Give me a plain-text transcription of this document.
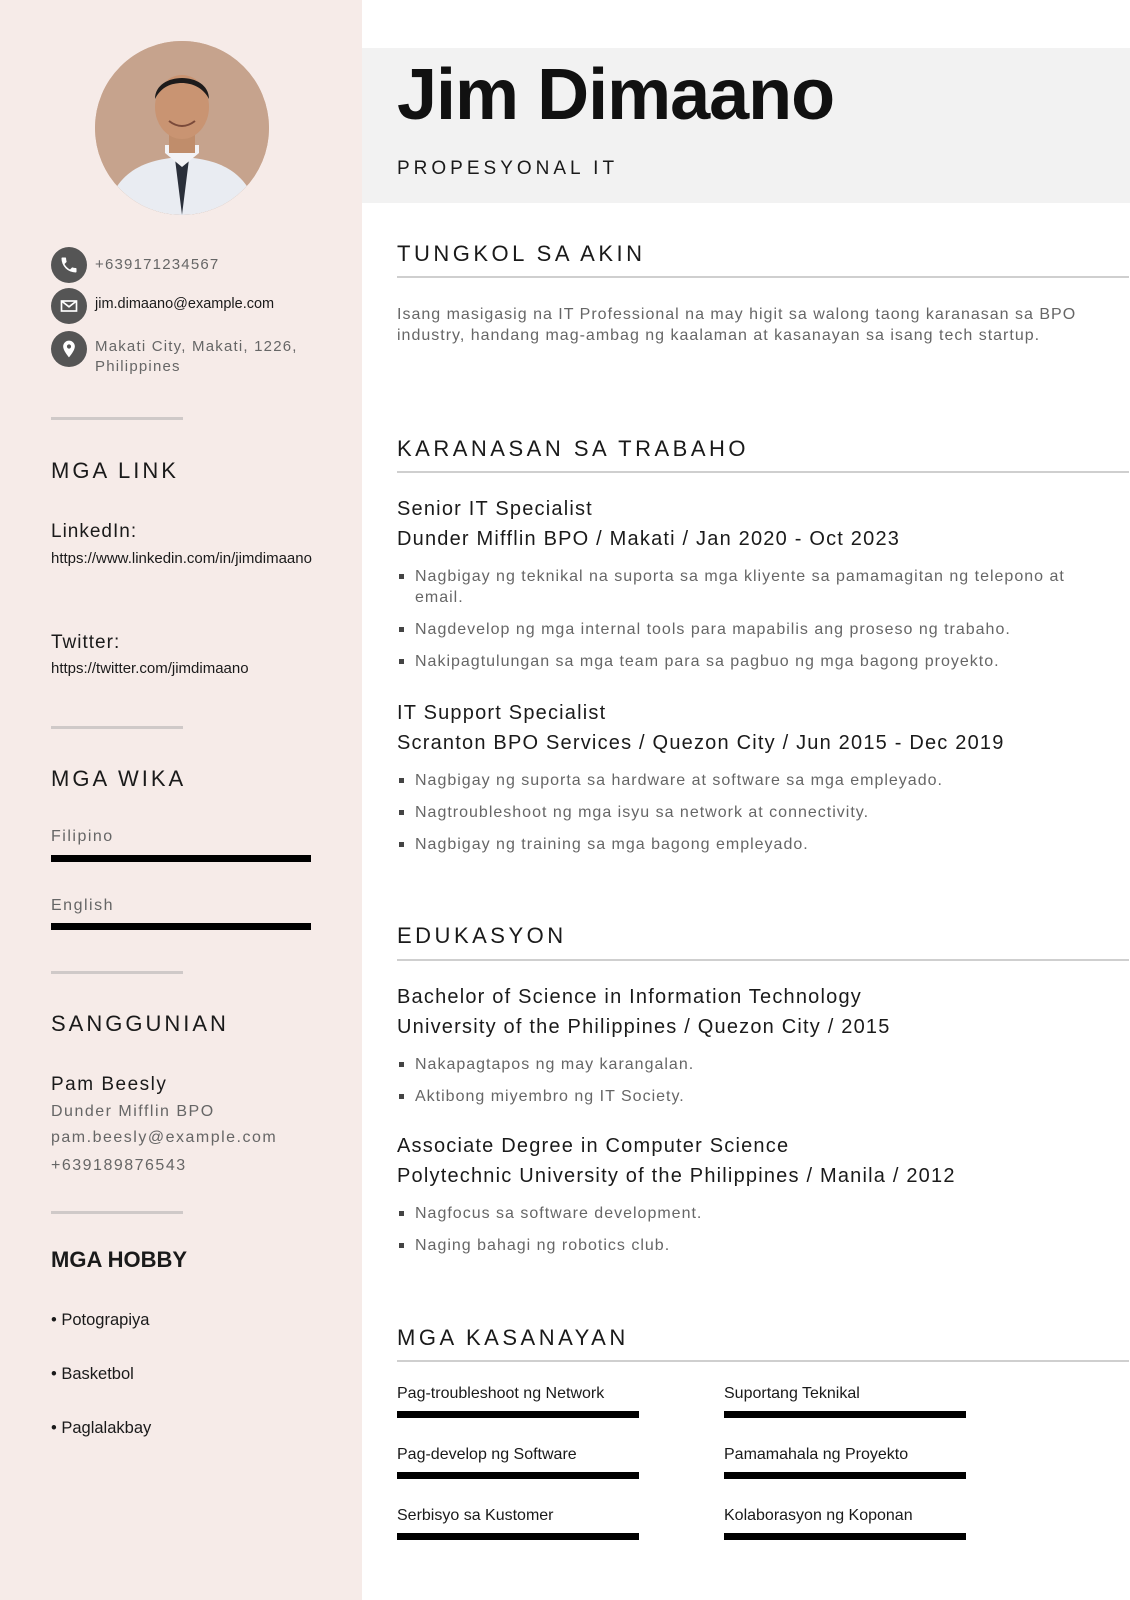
+639171234567
jim.dimaano@example.com
Makati City, Makati, 1226, Philippines
MGA LINK
LinkedIn:
https://www.linkedin.com/in/jimdimaano
Twitter:
https://twitter.com/jimdimaano
MGA WIKA
Filipino
English
SANGGUNIAN
Pam Beesly
Dunder Mifflin BPO
pam.beesly@example.com
+639189876543
MGA HOBBY
• Potograpiya
• Basketbol
• Paglalakbay
Jim Dimaano
PROPESYONAL IT
TUNGKOL SA AKIN
Isang masigasig na IT Professional na may higit sa walong taong karanasan sa BPO industry, handang mag-ambag ng kaalaman at kasanayan sa isang tech startup.
KARANASAN SA TRABAHO
Senior IT Specialist
Dunder Mifflin BPO / Makati / Jan 2020 - Oct 2023
Nagbigay ng teknikal na suporta sa mga kliyente sa pamamagitan ng telepono at email.
Nagdevelop ng mga internal tools para mapabilis ang proseso ng trabaho.
Nakipagtulungan sa mga team para sa pagbuo ng mga bagong proyekto.
IT Support Specialist
Scranton BPO Services / Quezon City / Jun 2015 - Dec 2019
Nagbigay ng suporta sa hardware at software sa mga empleyado.
Nagtroubleshoot ng mga isyu sa network at connectivity.
Nagbigay ng training sa mga bagong empleyado.
EDUKASYON
Bachelor of Science in Information Technology
University of the Philippines / Quezon City / 2015
Nakapagtapos ng may karangalan.
Aktibong miyembro ng IT Society.
Associate Degree in Computer Science
Polytechnic University of the Philippines / Manila / 2012
Nagfocus sa software development.
Naging bahagi ng robotics club.
MGA KASANAYAN
Pag-troubleshoot ng Network	Suportang Teknikal
Pag-develop ng Software	Pamamahala ng Proyekto
Serbisyo sa Kustomer	Kolaborasyon ng Koponan
